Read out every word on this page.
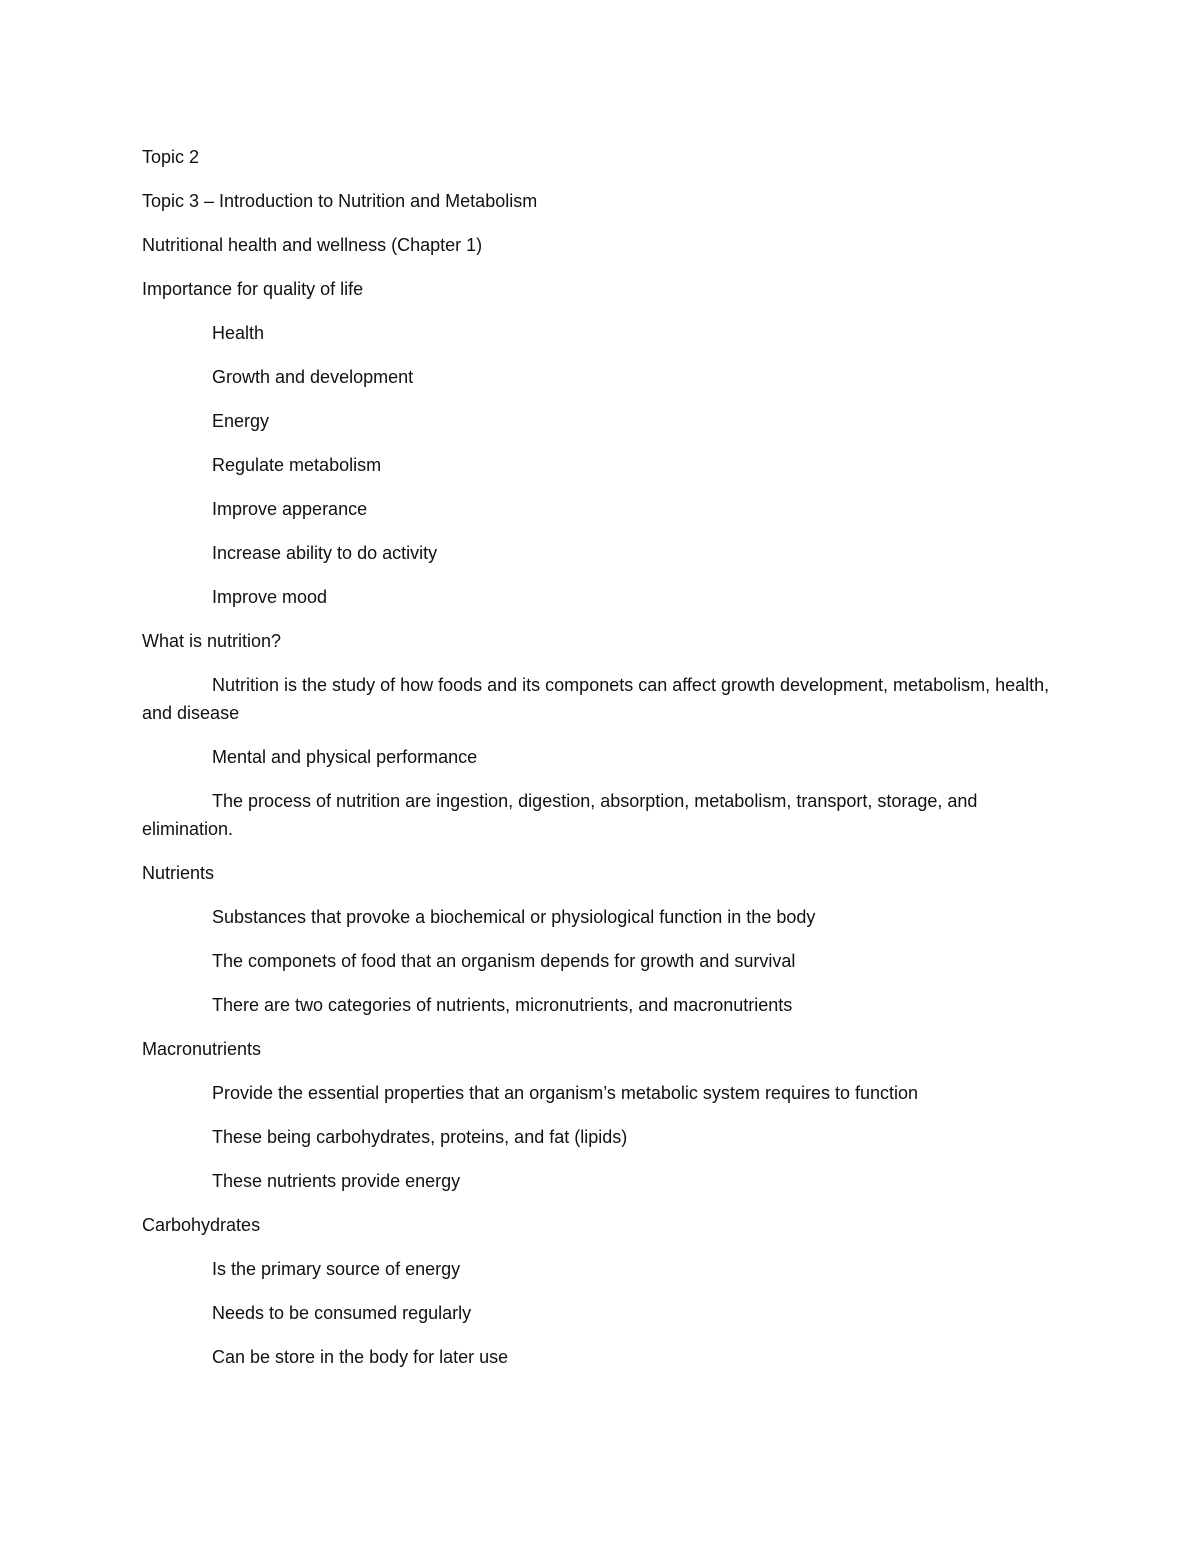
Topic 2

Topic 3 – Introduction to Nutrition and Metabolism

Nutritional health and wellness (Chapter 1)

Importance for quality of life

Health

Growth and development

Energy

Regulate metabolism

Improve apperance

Increase ability to do activity

Improve mood

What is nutrition?

Nutrition is the study of how foods and its componets can affect growth development, metabolism, health, and disease

Mental and physical performance

The process of nutrition are ingestion, digestion, absorption, metabolism, transport, storage, and elimination.

Nutrients

Substances that provoke a biochemical or physiological function in the body

The componets of food that an organism depends for growth and survival

There are two categories of nutrients, micronutrients, and macronutrients

Macronutrients

Provide the essential properties that an organism’s metabolic system requires to function

These being carbohydrates, proteins, and fat (lipids)

These nutrients provide energy

Carbohydrates

Is the primary source of energy

Needs to be consumed regularly

Can be store in the body for later use
